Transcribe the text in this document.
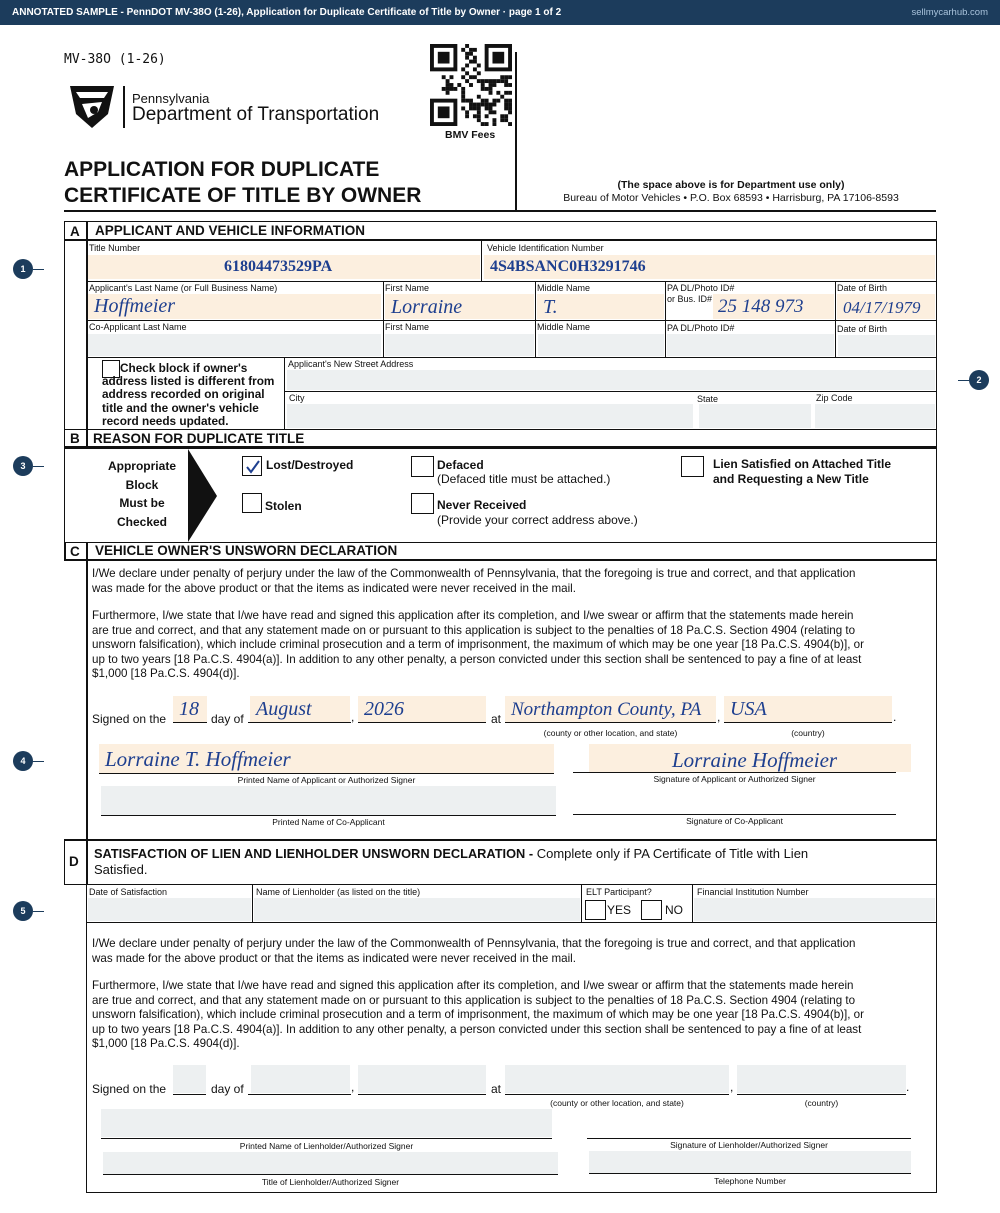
ANNOTATED SAMPLE - PennDOT MV-38O (1-26), Application for Duplicate Certificate of Title by Owner · page 1 of 2	sellmycarhub.com
MV-38O (1-26)
Pennsylvania
Department of Transportation
BMV Fees
APPLICATION FOR DUPLICATE
CERTIFICATE OF TITLE BY OWNER	(The space above is for Department use only)
Bureau of Motor Vehicles • P.O. Box 68593 • Harrisburg, PA 17106-8593
1
2
3
4
5
A APPLICANT AND VEHICLE INFORMATION
Title Number
61804473529PA
Vehicle Identification Number
4S4BSANC0H3291746
Applicant's Last Name (or Full Business Name)
Hoffmeier
First Name
Lorraine
Middle Name
T.
PA DL/Photo ID#
or Bus. ID# 25 148 973
Date of Birth
04/17/1979
Co-Applicant Last Name	First Name	Middle Name	PA DL/Photo ID#	Date of Birth
Check block if owner's
address listed is different from
address recorded on original
title and the owner's vehicle
record needs updated.
Applicant's New Street Address
City	State	Zip Code
B REASON FOR DUPLICATE TITLE
Appropriate
Block
Must be
Checked
Lost/Destroyed
Stolen
Defaced
(Defaced title must be attached.)
Never Received
(Provide your correct address above.)
Lien Satisfied on Attached Title
and Requesting a New Title
C VEHICLE OWNER'S UNSWORN DECLARATION
I/We declare under penalty of perjury under the law of the Commonwealth of Pennsylvania, that the foregoing is true and correct, and that application
was made for the above product or that the items as indicated were never received in the mail.
Furthermore, I/we state that I/we have read and signed this application after its completion, and I/we swear or affirm that the statements made herein
are true and correct, and that any statement made on or pursuant to this application is subject to the penalties of 18 Pa.C.S. Section 4904 (relating to
unsworn falsification), which include criminal prosecution and a term of imprisonment, the maximum of which may be one year [18 Pa.C.S. 4904(b)], or
up to two years [18 Pa.C.S. 4904(a)]. In addition to any other penalty, a person convicted under this section shall be sentenced to pay a fine of at least
$1,000 [18 Pa.C.S. 4904(d)].
Signed on the 18 day of August	, 2026	at Northampton County, PA , USA	.
(county or other location, and state)	(country)
Lorraine T. Hoffmeier
Printed Name of Applicant or Authorized Signer
Lorraine Hoffmeier
Signature of Applicant or Authorized Signer
Printed Name of Co-Applicant	Signature of Co-Applicant
D
SATISFACTION OF LIEN AND LIENHOLDER UNSWORN DECLARATION - Complete only if PA Certificate of Title with Lien
Satisfied.
Date of Satisfaction	Name of Lienholder (as listed on the title)	ELT Participant?
YES	NO
Financial Institution Number
I/We declare under penalty of perjury under the law of the Commonwealth of Pennsylvania, that the foregoing is true and correct, and that application
was made for the above product or that the items as indicated were never received in the mail.
Furthermore, I/we state that I/we have read and signed this application after its completion, and I/we swear or affirm that the statements made herein
are true and correct, and that any statement made on or pursuant to this application is subject to the penalties of 18 Pa.C.S. Section 4904 (relating to
unsworn falsification), which include criminal prosecution and a term of imprisonment, the maximum of which may be one year [18 Pa.C.S. 4904(b)], or
up to two years [18 Pa.C.S. 4904(a)]. In addition to any other penalty, a person convicted under this section shall be sentenced to pay a fine of at least
$1,000 [18 Pa.C.S. 4904(d)].
Signed on the	day of	,	at	,	.
(county or other location, and state)	(country)
Printed Name of Lienholder/Authorized Signer	Signature of Lienholder/Authorized Signer
Title of Lienholder/Authorized Signer	Telephone Number
